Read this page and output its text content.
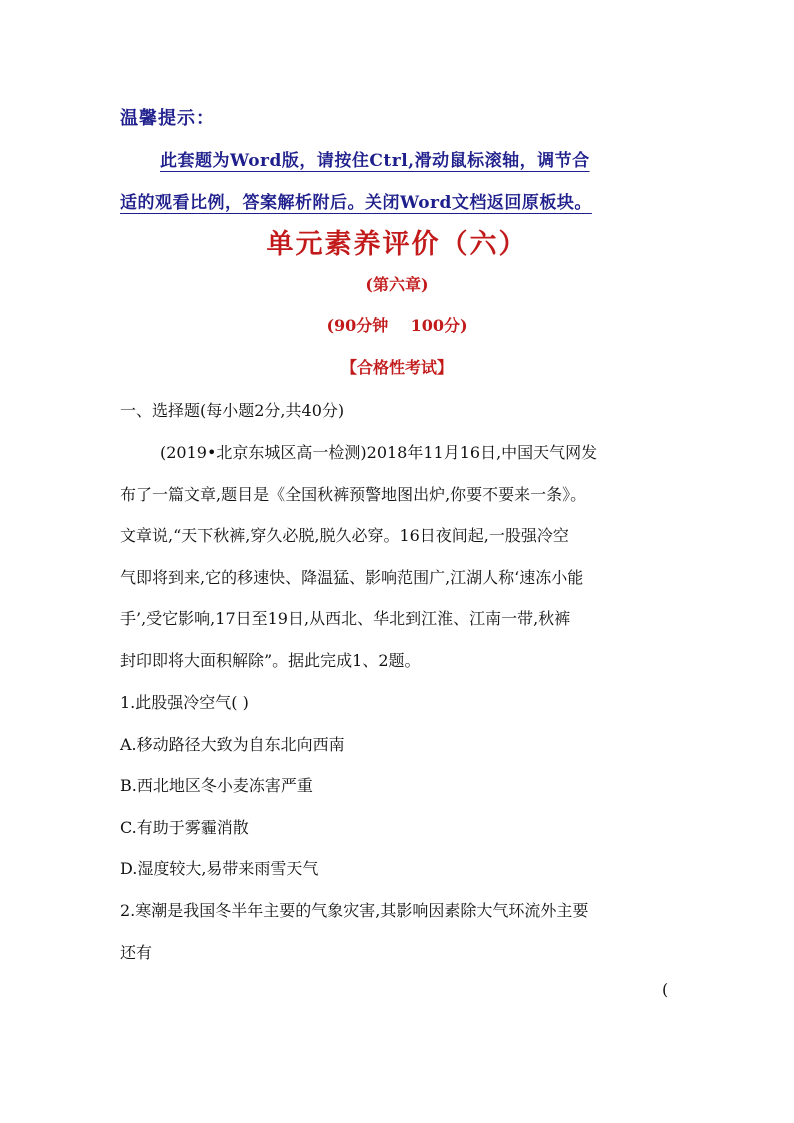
温馨提示：
此套题为Word版，请按住Ctrl,滑动鼠标滚轴，调节合
适的观看比例，答案解析附后。关闭Word文档返回原板块。
单元素养评价（六）
(第六章)
(90分钟    100分)
【合格性考试】
一、选择题(每小题2分,共40分)
(2019•北京东城区高一检测)2018年11月16日,中国天气网发
布了一篇文章,题目是《全国秋裤预警地图出炉,你要不要来一条》。
文章说,“天下秋裤,穿久必脱,脱久必穿。16日夜间起,一股强冷空
气即将到来,它的移速快、降温猛、影响范围广,江湖人称‘速冻小能
手’,受它影响,17日至19日,从西北、华北到江淮、江南一带,秋裤
封印即将大面积解除”。据此完成1、2题。
1.此股强冷空气( )
A.移动路径大致为自东北向西南
B.西北地区冬小麦冻害严重
C.有助于雾霾消散
D.湿度较大,易带来雨雪天气
2.寒潮是我国冬半年主要的气象灾害,其影响因素除大气环流外主要
还有
(
